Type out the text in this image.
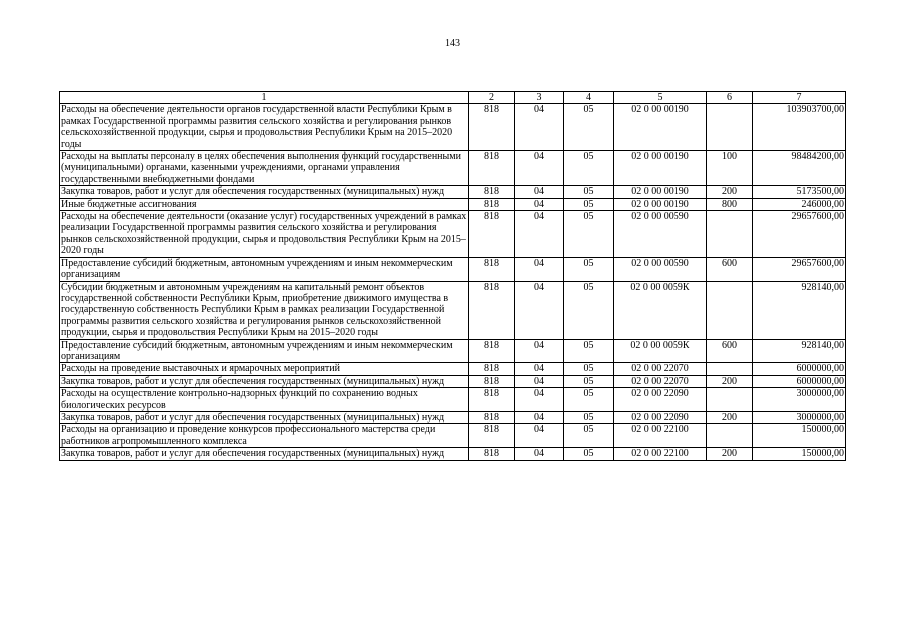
143
1	2	3	4	5	6	7
Расходы на обеспечение деятельности органов государственной власти Республики Крым в рамках Государственной программы развития сельского хозяйства и регулирования рынков сельскохозяйственной продукции, сырья и продовольствия Республики Крым на 2015–2020 годы	818	04	05	02 0 00 00190		103903700,00
Расходы на выплаты персоналу в целях обеспечения выполнения функций государственными (муниципальными) органами, казенными учреждениями, органами управления государственными внебюджетными фондами	818	04	05	02 0 00 00190	100	98484200,00
Закупка товаров, работ и услуг для обеспечения государственных (муниципальных) нужд	818	04	05	02 0 00 00190	200	5173500,00
Иные бюджетные ассигнования	818	04	05	02 0 00 00190	800	246000,00
Расходы на обеспечение деятельности (оказание услуг) государственных учреждений в рамках реализации Государственной программы развития сельского хозяйства и регулирования рынков сельскохозяйственной продукции, сырья и продовольствия Республики Крым на 2015–2020 годы	818	04	05	02 0 00 00590		29657600,00
Предоставление субсидий бюджетным, автономным учреждениям и иным некоммерческим организациям	818	04	05	02 0 00 00590	600	29657600,00
Субсидии бюджетным и автономным учреждениям на капитальный ремонт объектов государственной собственности Республики Крым, приобретение движимого имущества в государственную собственность Республики Крым в рамках реализации Государственной программы развития сельского хозяйства и регулирования рынков сельскохозяйственной продукции, сырья и продовольствия Республики Крым на 2015–2020 годы	818	04	05	02 0 00 0059К		928140,00
Предоставление субсидий бюджетным, автономным учреждениям и иным некоммерческим организациям	818	04	05	02 0 00 0059К	600	928140,00
Расходы на проведение выставочных и ярмарочных мероприятий	818	04	05	02 0 00 22070		6000000,00
Закупка товаров, работ и услуг для обеспечения государственных (муниципальных) нужд	818	04	05	02 0 00 22070	200	6000000,00
Расходы на осуществление контрольно-надзорных функций по сохранению водных биологических ресурсов	818	04	05	02 0 00 22090		3000000,00
Закупка товаров, работ и услуг для обеспечения государственных (муниципальных) нужд	818	04	05	02 0 00 22090	200	3000000,00
Расходы на организацию и проведение конкурсов профессионального мастерства среди работников агропромышленного комплекса	818	04	05	02 0 00 22100		150000,00
Закупка товаров, работ и услуг для обеспечения государственных (муниципальных) нужд	818	04	05	02 0 00 22100	200	150000,00
